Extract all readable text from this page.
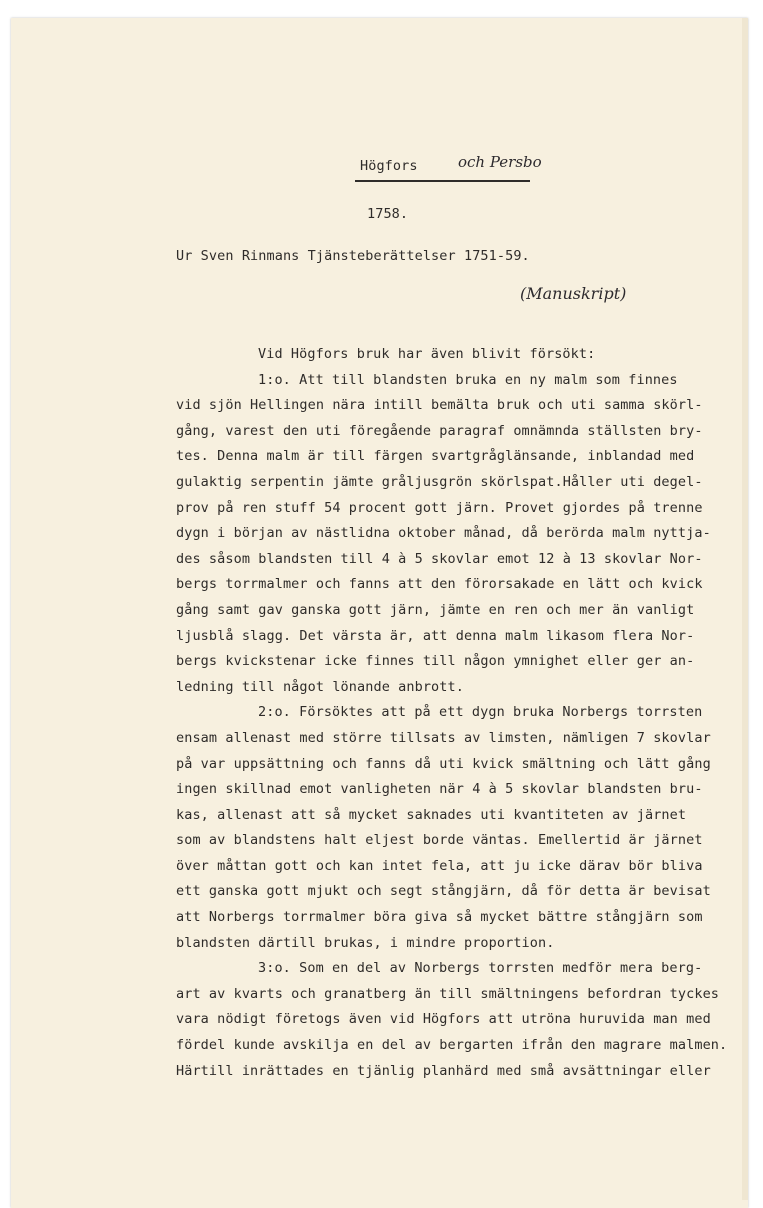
Högfors	och Persbo
1758.
Ur Sven Rinmans Tjänsteberättelser 1751-59.
(Manuskript)
Vid Högfors bruk har även blivit försökt:
1:o. Att till blandsten bruka en ny malm som finnes
vid sjön Hellingen nära intill bemälta bruk och uti samma skörl-
gång, varest den uti föregående paragraf omnämnda ställsten bry-
tes. Denna malm är till färgen svartgråglänsande, inblandad med
gulaktig serpentin jämte gråljusgrön skörlspat.Håller uti degel-
prov på ren stuff 54 procent gott järn. Provet gjordes på trenne
dygn i början av nästlidna oktober månad, då berörda malm nyttja-
des såsom blandsten till 4 à 5 skovlar emot 12 à 13 skovlar Nor-
bergs torrmalmer och fanns att den förorsakade en lätt och kvick
gång samt gav ganska gott järn, jämte en ren och mer än vanligt
ljusblå slagg. Det värsta är, att denna malm likasom flera Nor-
bergs kvickstenar icke finnes till någon ymnighet eller ger an-
ledning till något lönande anbrott.
2:o. Försöktes att på ett dygn bruka Norbergs torrsten
ensam allenast med större tillsats av limsten, nämligen 7 skovlar
på var uppsättning och fanns då uti kvick smältning och lätt gång
ingen skillnad emot vanligheten när 4 à 5 skovlar blandsten bru-
kas, allenast att så mycket saknades uti kvantiteten av järnet
som av blandstens halt eljest borde väntas. Emellertid är järnet
över måttan gott och kan intet fela, att ju icke därav bör bliva
ett ganska gott mjukt och segt stångjärn, då för detta är bevisat
att Norbergs torrmalmer böra giva så mycket bättre stångjärn som
blandsten därtill brukas, i mindre proportion.
3:o. Som en del av Norbergs torrsten medför mera berg-
art av kvarts och granatberg än till smältningens befordran tyckes
vara nödigt företogs även vid Högfors att utröna huruvida man med
fördel kunde avskilja en del av bergarten ifrån den magrare malmen.
Härtill inrättades en tjänlig planhärd med små avsättningar eller
